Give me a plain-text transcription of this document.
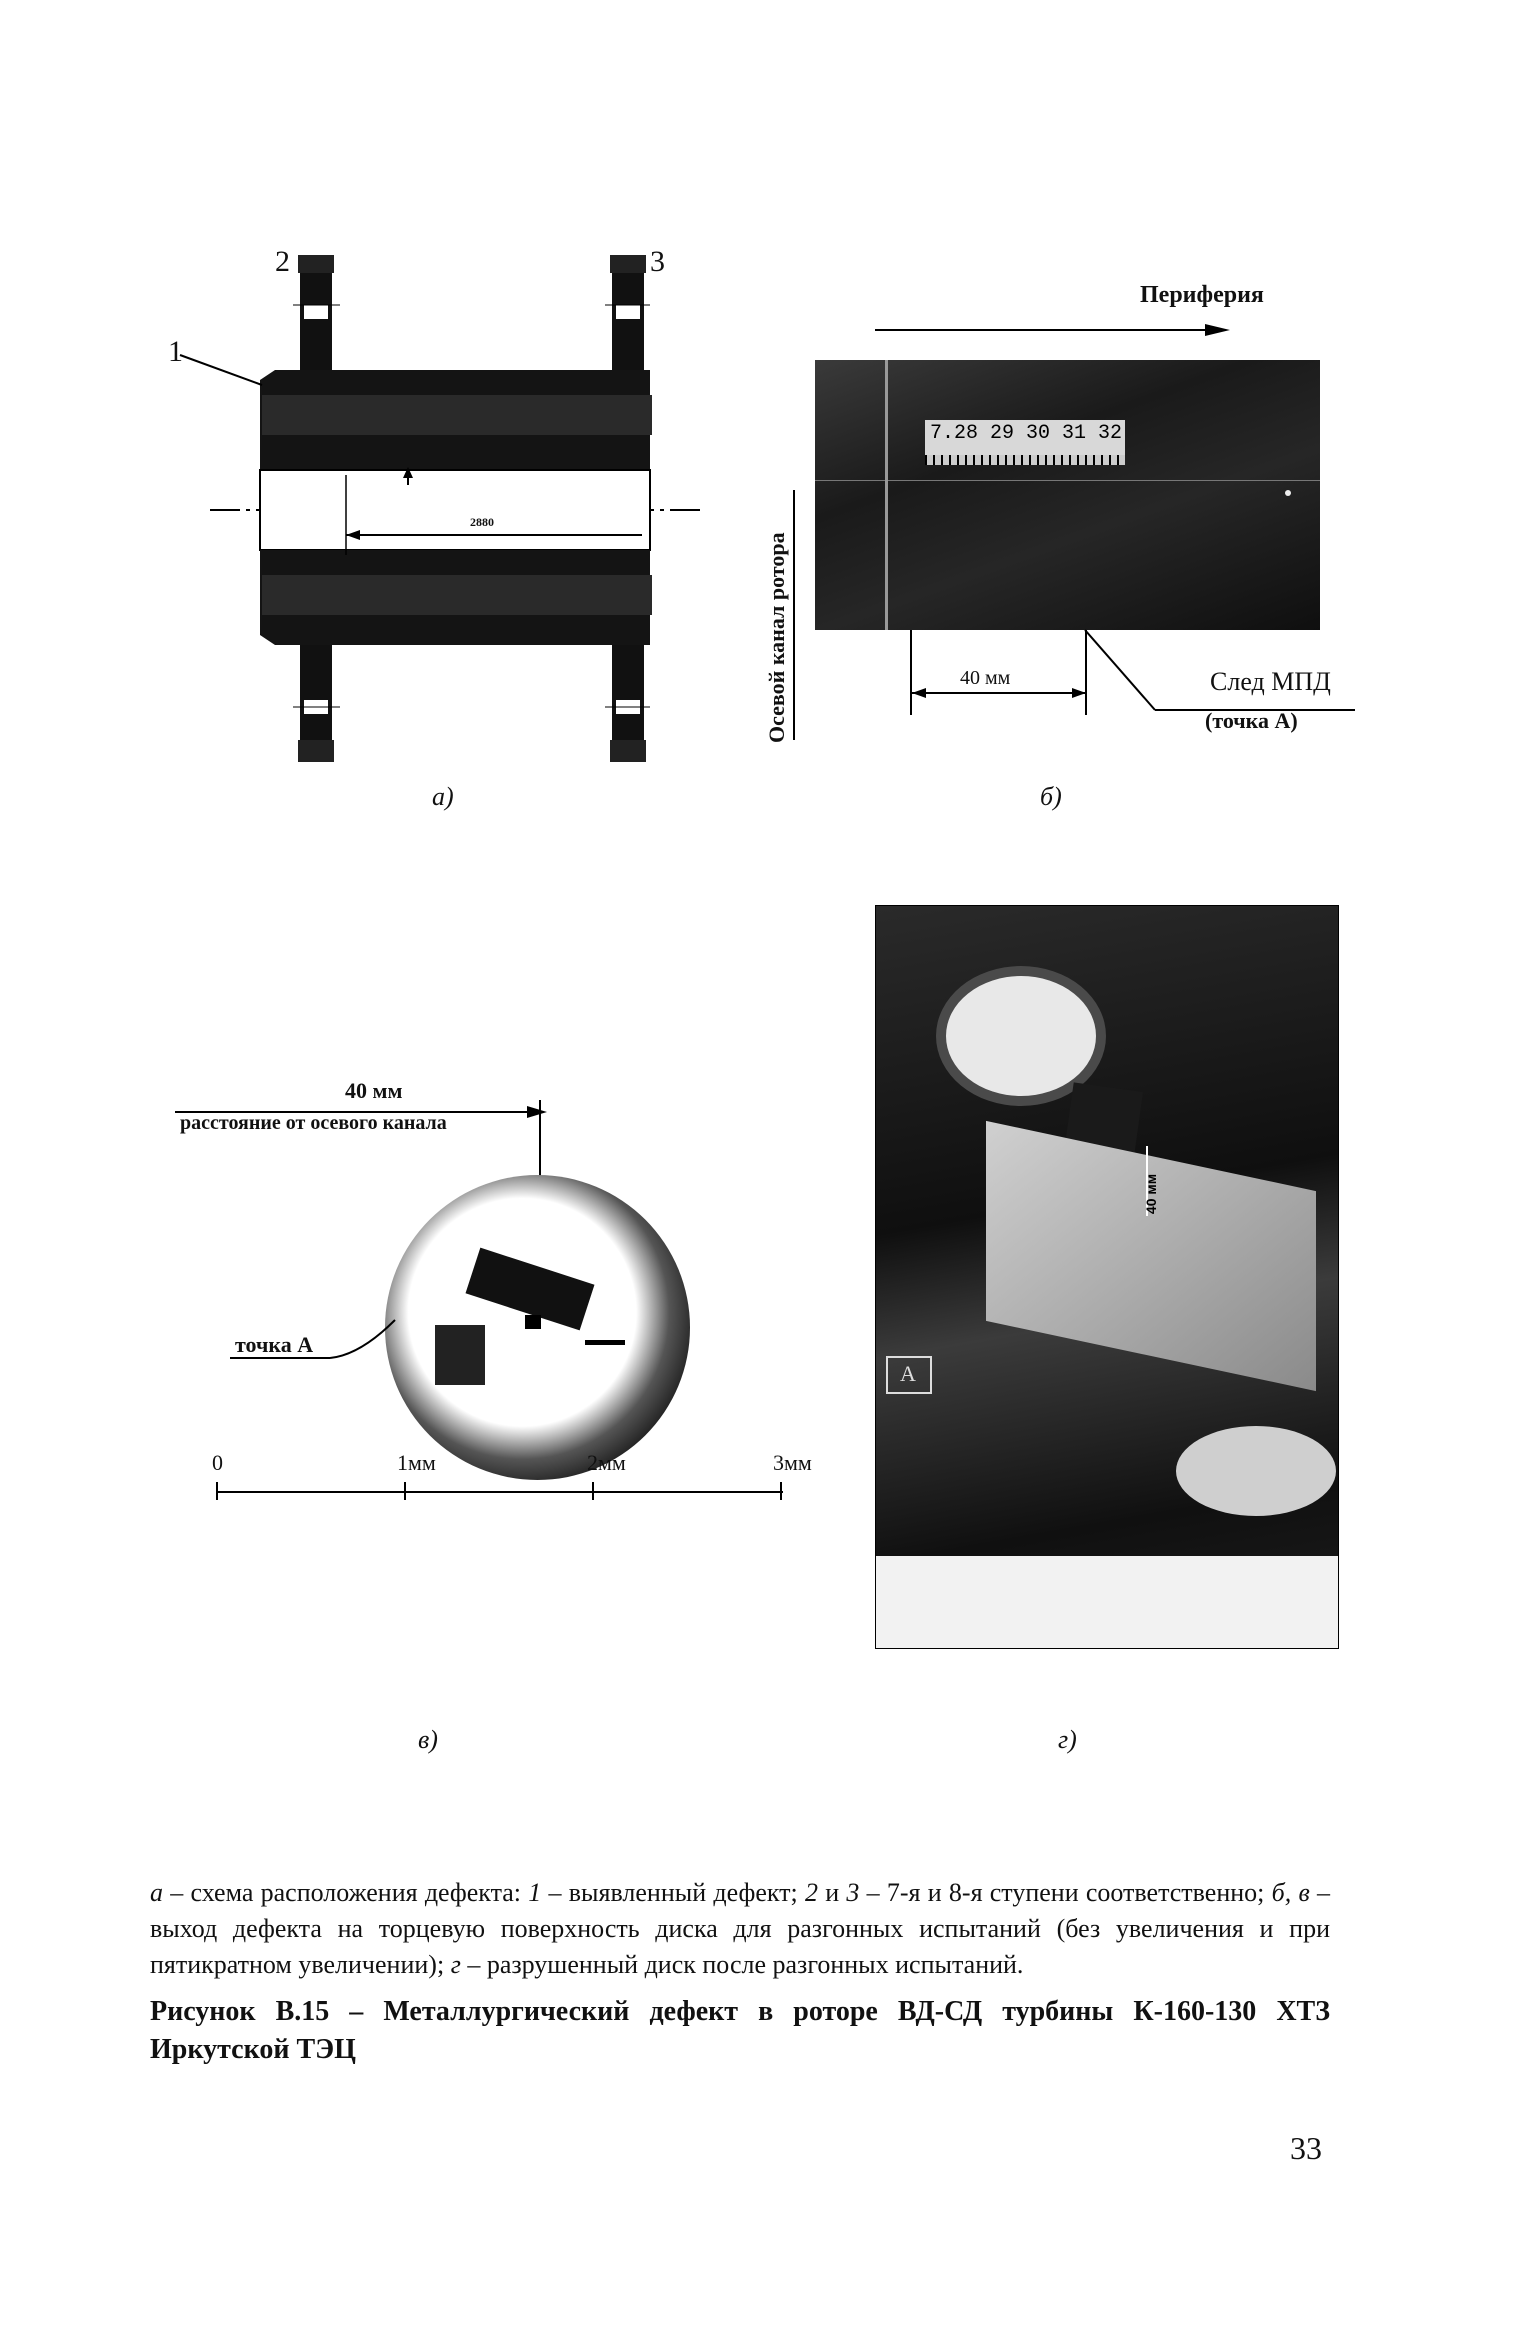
1
2	3
2880
а)
Периферия
7.28 29 30 31 32
Осевой канал ротора	40 мм	След МПД
(точка А)
б)
40 мм
расстояние от осевого канала
точка А
0	1мм	2мм	3мм
в)
40 мм
А
г)
а – схема расположения дефекта: 1 – выявленный дефект; 2 и 3 – 7-я и 8-я ступени соответственно; б, в – выход дефекта на торцевую поверхность диска для разгонных испытаний (без увеличения и при пятикратном увеличении); г – разрушенный диск после разгонных испытаний.
Рисунок В.15 – Металлургический дефект в роторе ВД-СД турбины К-160-130 ХТЗ Иркутской ТЭЦ
33
